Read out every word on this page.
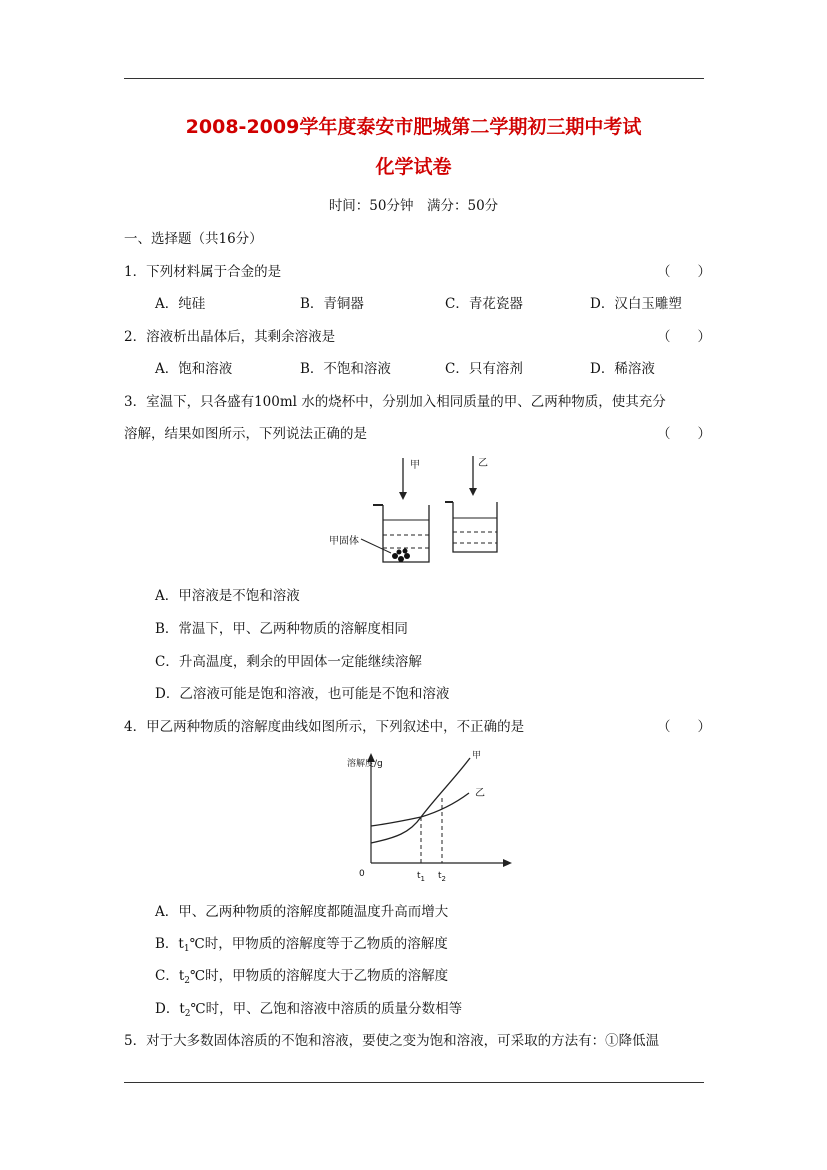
2008-2009学年度泰安市肥城第二学期初三期中考试
化学试卷
时间：50分钟　满分：50分
一、选择题（共16分）
1．下列材料属于合金的是	（　　）
A．纯硅	B．青铜器	C．青花瓷器	D．汉白玉雕塑
2．溶液析出晶体后，其剩余溶液是	（　　）
A．饱和溶液	B．不饱和溶液	C．只有溶剂	D．稀溶液
3．室温下，只各盛有100ml 水的烧杯中，分别加入相同质量的甲、乙两种物质，使其充分
溶解，结果如图所示，下列说法正确的是	（　　）
甲
甲固体
乙
A．甲溶液是不饱和溶液
B．常温下，甲、乙两种物质的溶解度相同
C．升高温度，剩余的甲固体一定能继续溶解
D．乙溶液可能是饱和溶液，也可能是不饱和溶液
4．甲乙两种物质的溶解度曲线如图所示，下列叙述中，不正确的是	（　　）
溶解度/g
0
甲
乙
$t_1$ $t_2$
A．甲、乙两种物质的溶解度都随温度升高而增大
B．$t_1℃$时，甲物质的溶解度等于乙物质的溶解度
C．$t_2℃$时，甲物质的溶解度大于乙物质的溶解度
D．$t_2℃$时，甲、乙饱和溶液中溶质的质量分数相等
5．对于大多数固体溶质的不饱和溶液，要使之变为饱和溶液，可采取的方法有：①降低温
